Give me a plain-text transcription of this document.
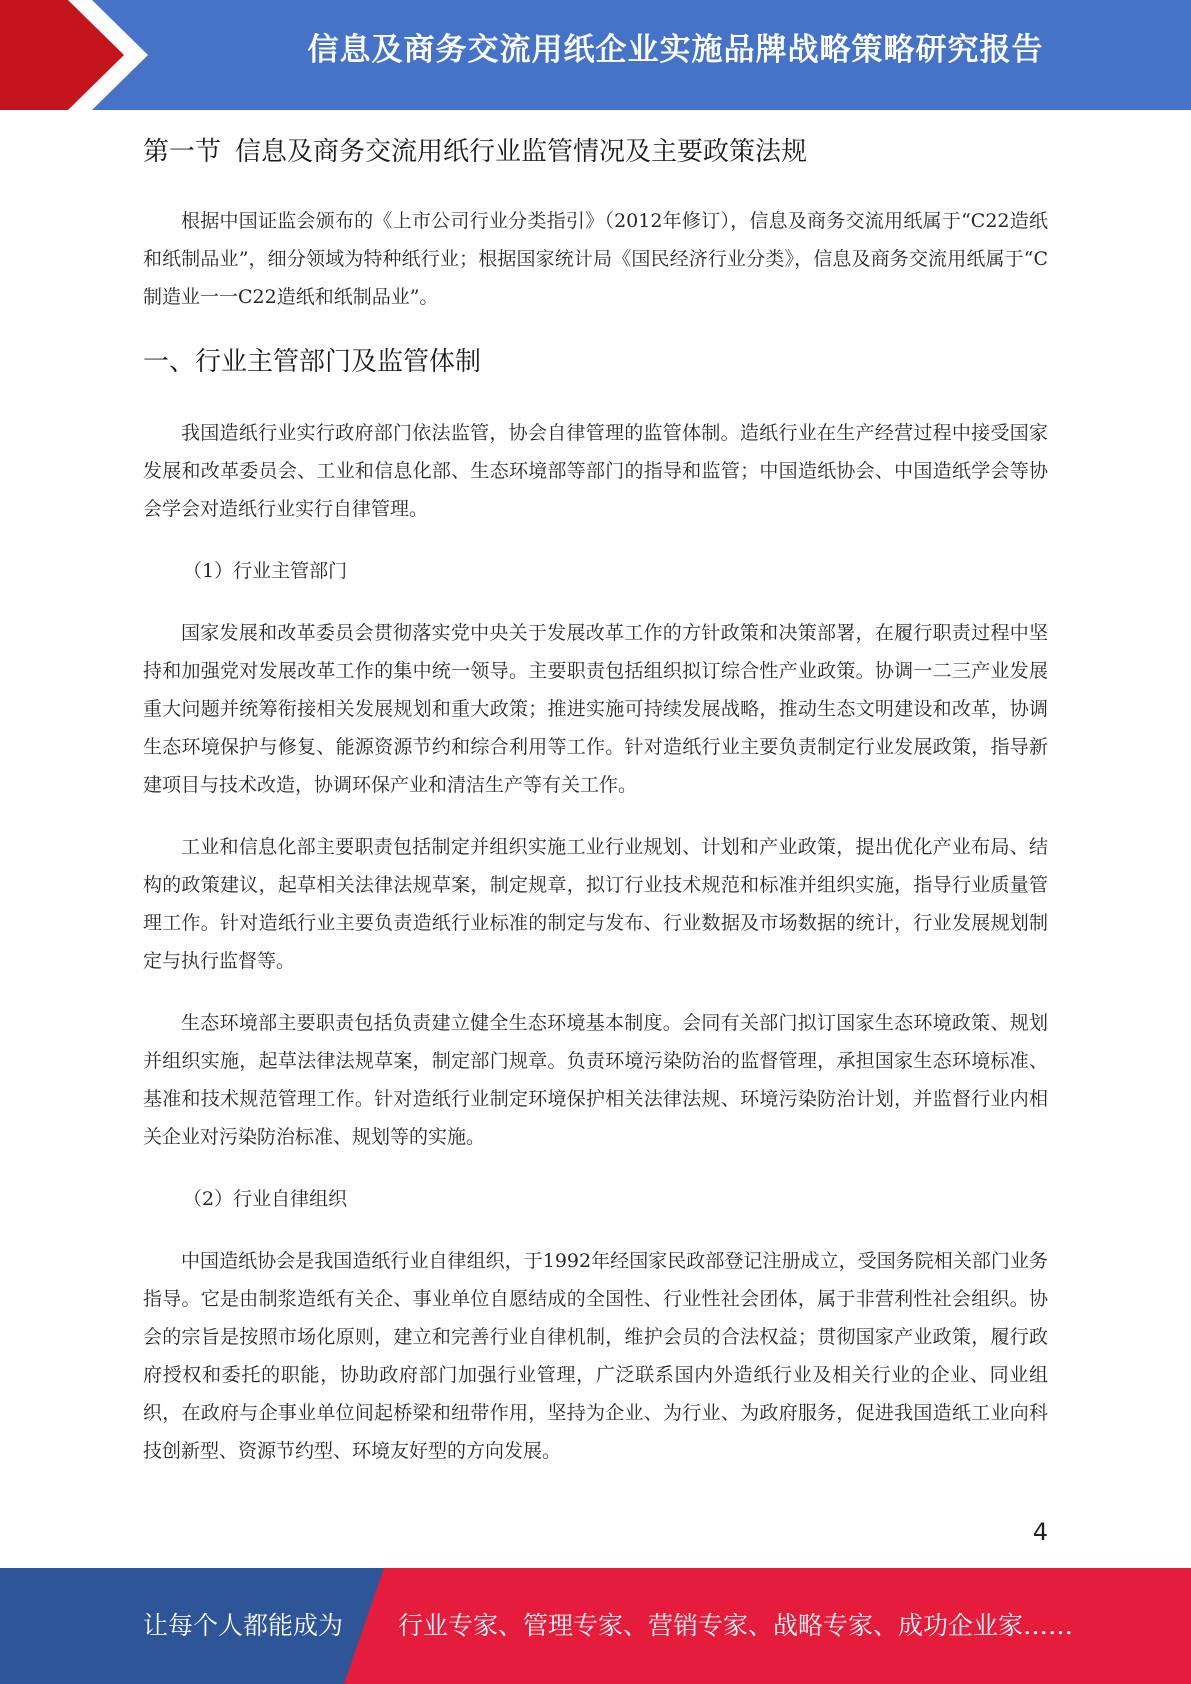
信息及商务交流用纸企业实施品牌战略策略研究报告
第一节 信息及商务交流用纸行业监管情况及主要政策法规

根据中国证监会颁布的《上市公司行业分类指引》（2012年修订），信息及商务交流用纸属于“C22造纸和纸制品业”，细分领域为特种纸行业；根据国家统计局《国民经济行业分类》，信息及商务交流用纸属于“C制造业一一C22造纸和纸制品业”。

一、行业主管部门及监管体制

我国造纸行业实行政府部门依法监管，协会自律管理的监管体制。造纸行业在生产经营过程中接受国家发展和改革委员会、工业和信息化部、生态环境部等部门的指导和监管；中国造纸协会、中国造纸学会等协会学会对造纸行业实行自律管理。

（1）行业主管部门

国家发展和改革委员会贯彻落实党中央关于发展改革工作的方针政策和决策部署，在履行职责过程中坚持和加强党对发展改革工作的集中统一领导。主要职责包括组织拟订综合性产业政策。协调一二三产业发展重大问题并统筹衔接相关发展规划和重大政策；推进实施可持续发展战略，推动生态文明建设和改革，协调生态环境保护与修复、能源资源节约和综合利用等工作。针对造纸行业主要负责制定行业发展政策，指导新建项目与技术改造，协调环保产业和清洁生产等有关工作。

工业和信息化部主要职责包括制定并组织实施工业行业规划、计划和产业政策，提出优化产业布局、结构的政策建议，起草相关法律法规草案，制定规章，拟订行业技术规范和标准并组织实施，指导行业质量管理工作。针对造纸行业主要负责造纸行业标准的制定与发布、行业数据及市场数据的统计，行业发展规划制定与执行监督等。

生态环境部主要职责包括负责建立健全生态环境基本制度。会同有关部门拟订国家生态环境政策、规划并组织实施，起草法律法规草案，制定部门规章。负责环境污染防治的监督管理，承担国家生态环境标准、基准和技术规范管理工作。针对造纸行业制定环境保护相关法律法规、环境污染防治计划，并监督行业内相关企业对污染防治标准、规划等的实施。

（2）行业自律组织

中国造纸协会是我国造纸行业自律组织，于1992年经国家民政部登记注册成立，受国务院相关部门业务指导。它是由制浆造纸有关企、事业单位自愿结成的全国性、行业性社会团体，属于非营利性社会组织。协会的宗旨是按照市场化原则，建立和完善行业自律机制，维护会员的合法权益；贯彻国家产业政策，履行政府授权和委托的职能，协助政府部门加强行业管理，广泛联系国内外造纸行业及相关行业的企业、同业组织，在政府与企事业单位间起桥梁和纽带作用，坚持为企业、为行业、为政府服务，促进我国造纸工业向科技创新型、资源节约型、环境友好型的方向发展。

4
让每个人都能成为 行业专家、管理专家、营销专家、战略专家、成功企业家……
